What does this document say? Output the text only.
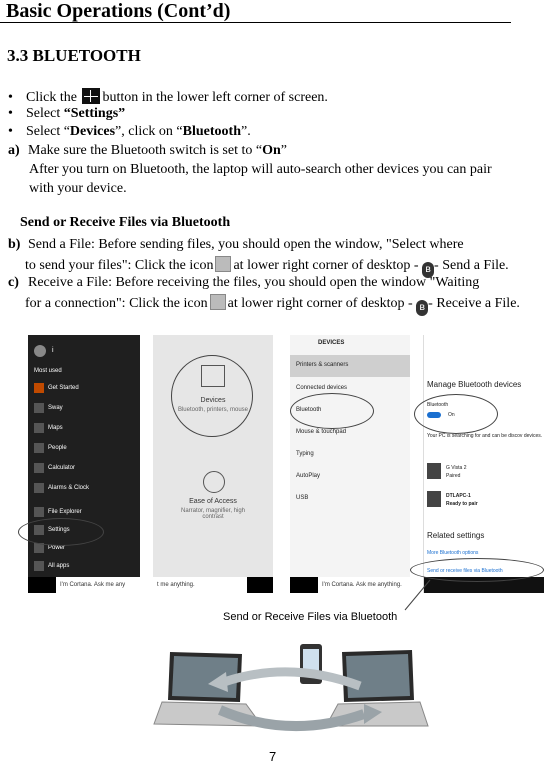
Basic Operations (Cont’d)
3.3 BLUETOOTH
• Click the button in the lower left corner of screen.
• Select “Settings”
• Select “Devices”, click on “Bluetooth”.
a) Make sure the Bluetooth switch is set to “On”
After you turn on Bluetooth, the laptop will auto-search other devices you can pair
with your device.
Send or Receive Files via Bluetooth
b) Send a File: Before sending files, you should open the window, "Select where
to send your files": Click the icon at lower right corner of desktop - ʙ - Send a File.
c) Receive a File: Before receiving the files, you should open the window "Waiting
for a connection": Click the icon at lower right corner of desktop - ʙ - Receive a File.
i
Most used
Get Started
Sway
Maps
People
Calculator
Alarms & Clock
File Explorer
Settings
Power
All apps
I'm Cortana. Ask me any
Devices
Bluetooth, printers, mouse
Ease of Access
Narrator, magnifier, high contrast
t me anything.
DEVICES
Printers & scanners
Connected devices
Bluetooth
Mouse & touchpad
Typing
AutoPlay
USB
I'm Cortana. Ask me anything.
Manage Bluetooth devices
Bluetooth
On
Your PC is searching for and can be discov devices.
G Vista 2
Paired
DTLAPC-1
Ready to pair
Related settings
More Bluetooth options
Send or receive files via Bluetooth
Send or Receive Files via Bluetooth
7
